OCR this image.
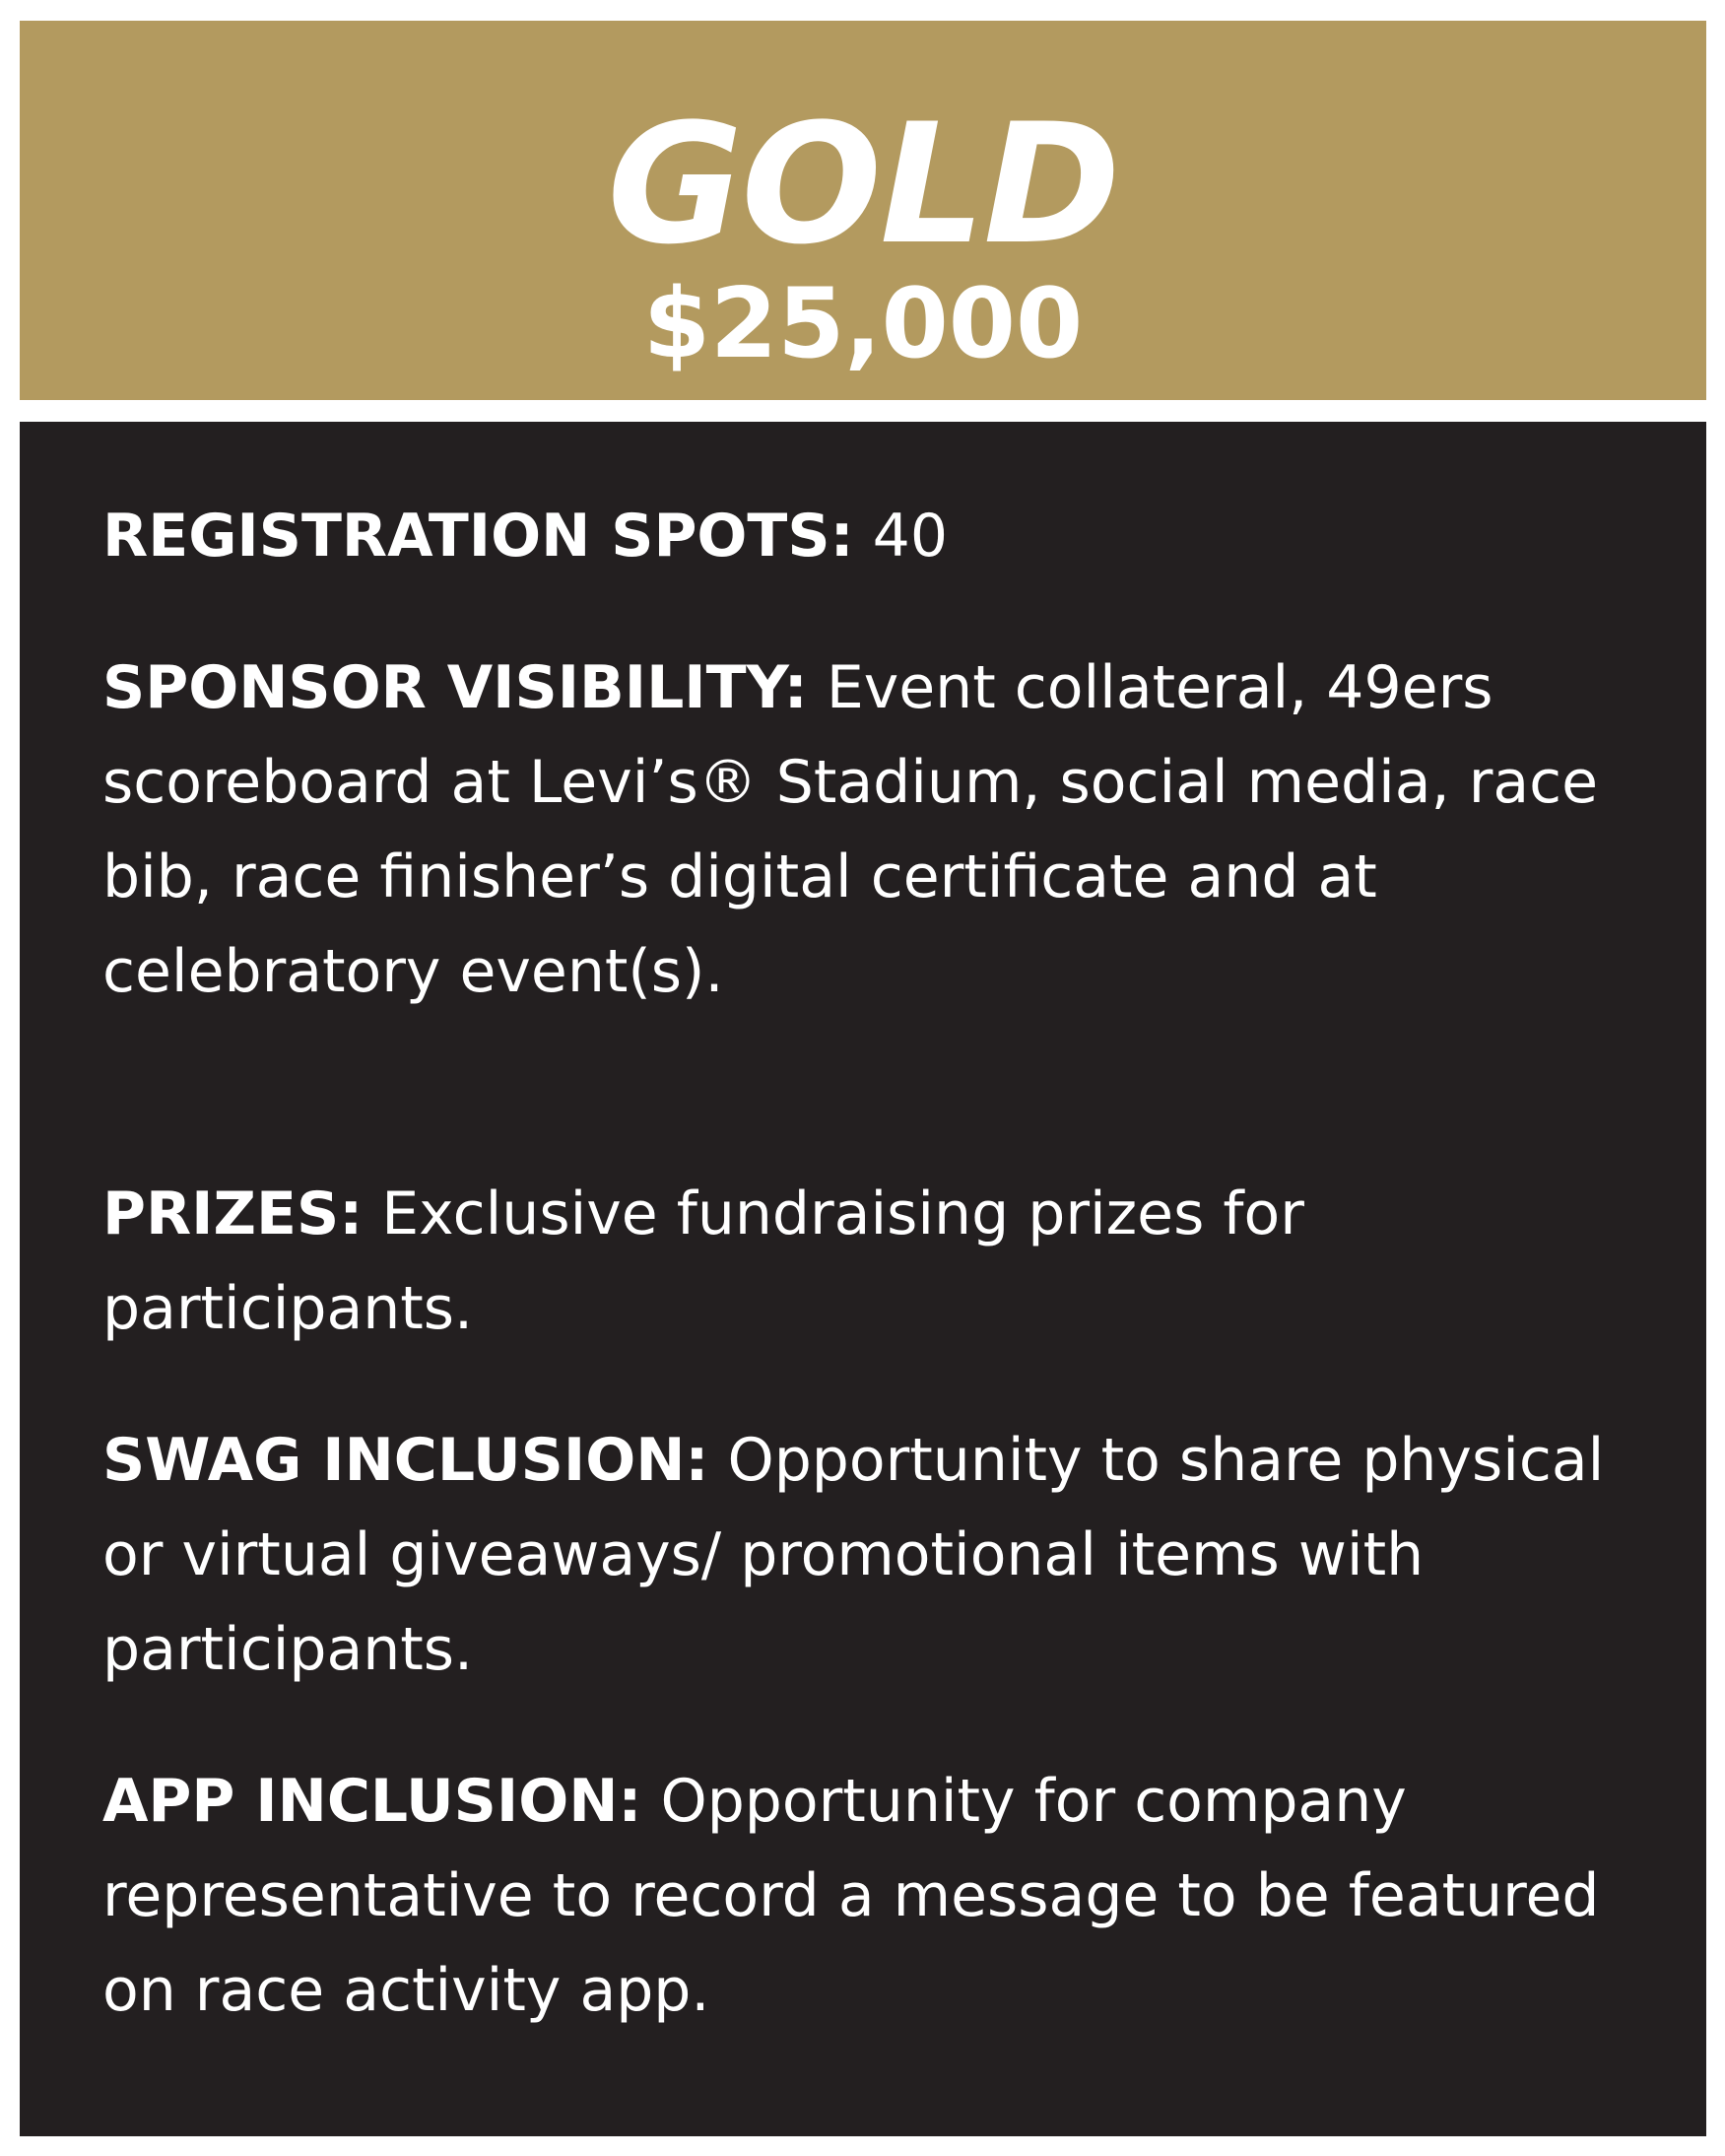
GOLD
$25,000

REGISTRATION SPOTS: 40

SPONSOR VISIBILITY: Event collateral, 49ers scoreboard at Levi’s® Stadium, social media, race bib, race finisher’s digital certificate and at celebratory event(s).

PRIZES: Exclusive fundraising prizes for participants.

SWAG INCLUSION: Opportunity to share physical or virtual giveaways/ promotional items with participants.

APP INCLUSION: Opportunity for company representative to record a message to be featured on race activity app.
